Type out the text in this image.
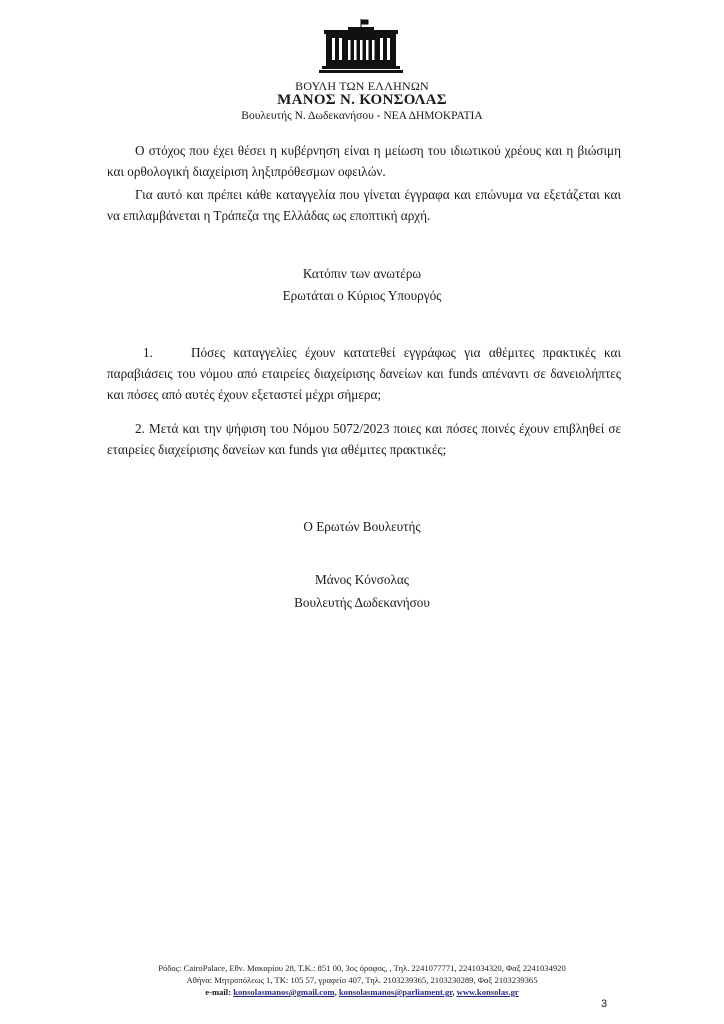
ΒΟΥΛΗ ΤΩΝ ΕΛΛΗΝΩΝ
ΜΑΝΟΣ Ν. ΚΟΝΣΟΛΑΣ
Βουλευτής Ν. Δωδεκανήσου - ΝΕΑ ΔΗΜΟΚΡΑΤΙΑ

Ο στόχος που έχει θέσει η κυβέρνηση είναι η μείωση του ιδιωτικού χρέους και η βιώσιμη και ορθολογική διαχείριση ληξιπρόθεσμων οφειλών.

Για αυτό και πρέπει κάθε καταγγελία που γίνεται έγγραφα και επώνυμα να εξετάζεται και να επιλαμβάνεται η Τράπεζα της Ελλάδας ως εποπτική αρχή.

Κατόπιν των ανωτέρω
Ερωτάται ο Κύριος Υπουργός

1.	Πόσες καταγγελίες έχουν κατατεθεί εγγράφως για αθέμιτες πρακτικές και παραβιάσεις του νόμου από εταιρείες διαχείρισης δανείων και funds απέναντι σε δανειολήπτες και πόσες από αυτές έχουν εξεταστεί μέχρι σήμερα;

2. Μετά και την ψήφιση του Νόμου 5072/2023 ποιες και πόσες ποινές έχουν επιβληθεί σε εταιρείες διαχείρισης δανείων και funds για αθέμιτες πρακτικές;

Ο Ερωτών Βουλευτής
Μάνος Κόνσολας
Βουλευτής Δωδεκανήσου
Ρόδος: CairoPalace, Εθν. Μακαρίου 28, Τ.Κ.: 851 00, 3ος όροφος, , Τηλ. 2241077771, 2241034320, Φαξ 2241034920
Αθήνα: Μητροπόλεως 1, ΤΚ: 105 57, γραφείο 407, Τηλ. 2103239365, 2103230289, Φαξ 2103239365
e-mail: konsolasmanos@gmail.com, konsolasmanos@parliament.gr, www.konsolas.gr
3
